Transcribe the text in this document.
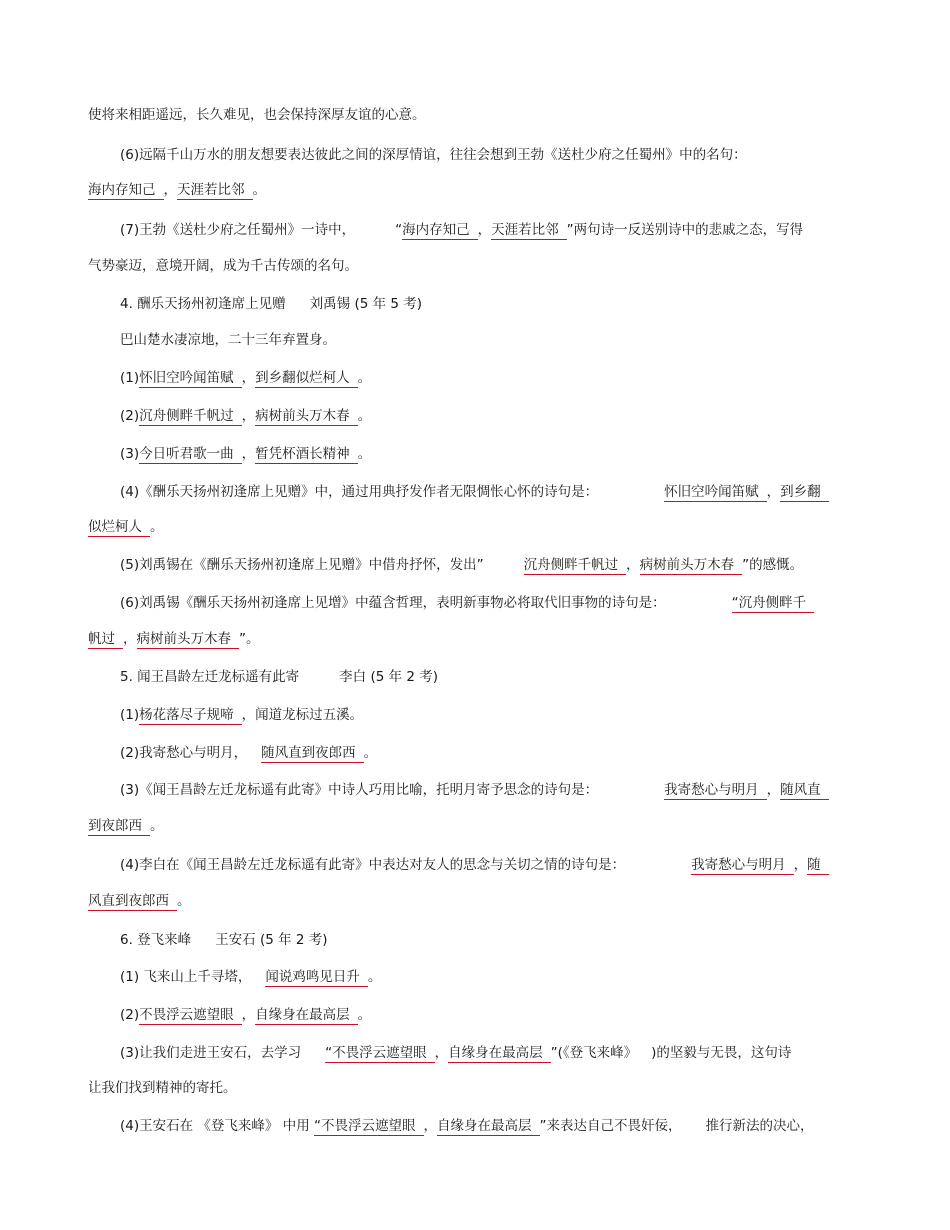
使将来相距遥远，长久难见，也会保持深厚友谊的心意。
(6)远隔千山万水的朋友想要表达彼此之间的深厚情谊，往往会想到王勃《送杜少府之任蜀州》中的名句：
海内存知己 ，天涯若比邻 。
(7)王勃《送杜少府之任蜀州》一诗中，	“海内存知己 ，天涯若比邻 ”两句诗一反送别诗中的悲戚之态，写得
气势豪迈，意境开阔，成为千古传颂的名句。
4. 酬乐天扬州初逢席上见赠 刘禹锡 (5 年 5 考)
巴山楚水凄凉地，二十三年弃置身。
(1)怀旧空吟闻笛赋 ，到乡翻似烂柯人 。
(2)沉舟侧畔千帆过 ，病树前头万木春 。
(3)今日听君歌一曲 ，暂凭杯酒长精神 。
(4)《酬乐天扬州初逢席上见赠》中，通过用典抒发作者无限惆怅心怀的诗句是：	怀旧空吟闻笛赋 ，到乡翻
似烂柯人 。
(5)刘禹锡在《酬乐天扬州初逢席上见赠》中借舟抒怀，发出”	沉舟侧畔千帆过 ，病树前头万木春 ”的感慨。
(6)刘禹锡《酬乐天扬州初逢席上见增》中蕴含哲理，表明新事物必将取代旧事物的诗句是：	“沉舟侧畔千
帆过 ，病树前头万木春 ”。
5. 闻王昌龄左迁龙标遥有此寄	李白 (5 年 2 考)
(1)杨花落尽子规啼 ，闻道龙标过五溪。
(2)我寄愁心与明月， 随风直到夜郎西 。
(3)《闻王昌龄左迁龙标遥有此寄》中诗人巧用比喻，托明月寄予思念的诗句是：	我寄愁心与明月 ，随风直
到夜郎西 。
(4)李白在《闻王昌龄左迁龙标遥有此寄》中表达对友人的思念与关切之情的诗句是：	我寄愁心与明月 ，随
风直到夜郎西 。
6. 登飞来峰 王安石 (5 年 2 考)
(1) 飞来山上千寻塔， 闻说鸡鸣见日升 。
(2)不畏浮云遮望眼 ，自缘身在最高层 。
(3)让我们走进王安石，去学习 “不畏浮云遮望眼 ，自缘身在最高层 ”(《登飞来峰》 )的坚毅与无畏，这句诗
让我们找到精神的寄托。
(4)王安石在 《登飞来峰》 中用 “不畏浮云遮望眼 ，自缘身在最高层 ”来表达自己不畏奸佞， 推行新法的决心，
